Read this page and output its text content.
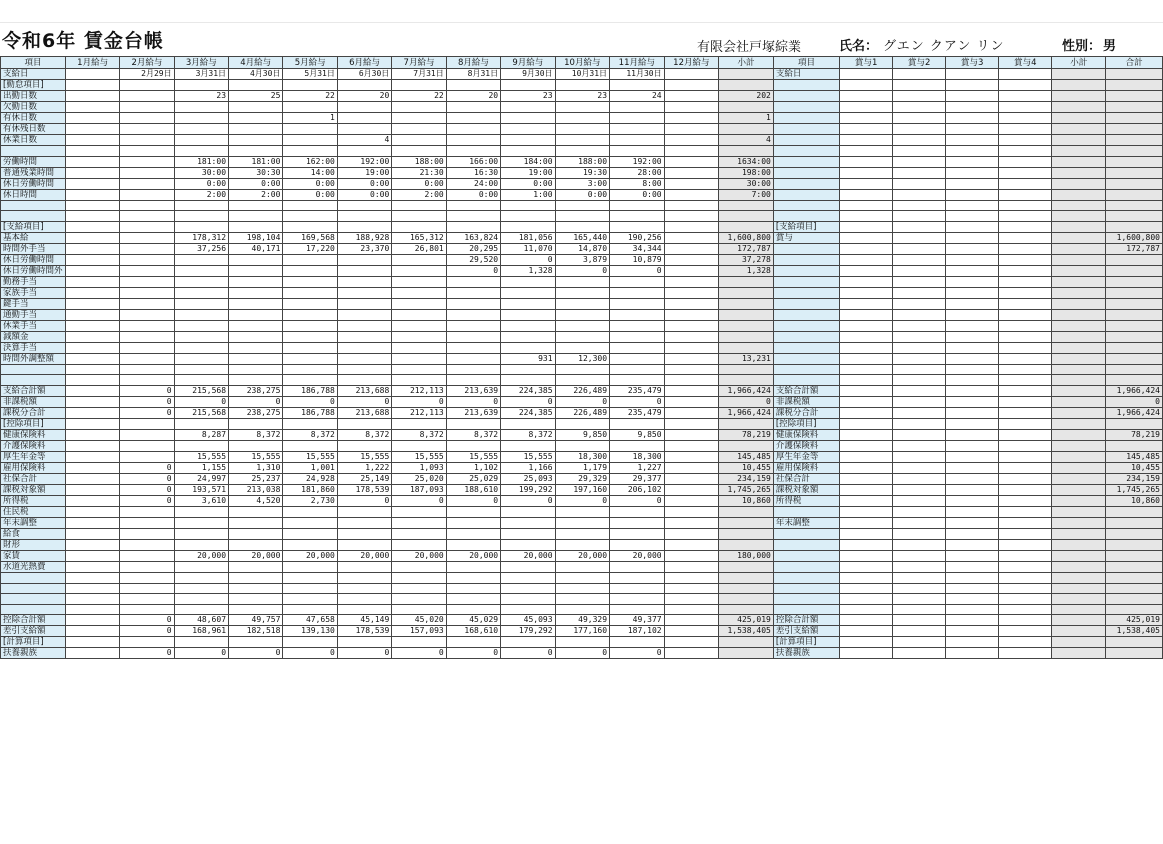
令和6年 賃金台帳	有限会社戸塚綜業	氏名： グエン クアン リン	性別： 男
項目	1月給与	2月給与	3月給与	4月給与	5月給与	6月給与	7月給与	8月給与	9月給与	10月給与	11月給与	12月給与	小計	項目	賞与1	賞与2	賞与3	賞与4	小計	合計
支給日		2月29日	3月31日	4月30日	5月31日	6月30日	7月31日	8月31日	9月30日	10月31日	11月30日			支給日						
[勤怠項目]																				
出勤日数			23	25	22	20	22	20	23	23	24		202							
欠勤日数																				
有休日数					1								1							
有休残日数																				
休業日数						4							4							

労働時間			181:00	181:00	162:00	192:00	188:00	166:00	184:00	188:00	192:00		1634:00							
普通残業時間			30:00	30:30	14:00	19:00	21:30	16:30	19:00	19:30	28:00		198:00							
休日労働時間			0:00	0:00	0:00	0:00	0:00	24:00	0:00	3:00	8:00		30:00							
休日時間			2:00	2:00	0:00	0:00	2:00	0:00	1:00	0:00	0:00		7:00							

[支給項目]														[支給項目]						
基本給			178,312	198,104	169,568	188,928	165,312	163,824	181,056	165,440	190,256		1,600,800	賞与						1,600,800
時間外手当			37,256	40,171	17,220	23,370	26,801	20,295	11,070	14,870	34,344		172,787							172,787
休日労働時間								29,520	0	3,879	10,879		37,278							
休日労働時間外								0	1,328	0	0		1,328							
勤務手当																				
家族手当																				
鍵手当																				
通勤手当																				
休業手当																				
減額金																				
決算手当																				
時間外調整額									931	12,300			13,231							

支給合計額		0	215,568	238,275	186,788	213,688	212,113	213,639	224,385	226,489	235,479		1,966,424	支給合計額						1,966,424
非課税額		0	0	0	0	0	0	0	0	0	0		0	非課税額						0
課税分合計		0	215,568	238,275	186,788	213,688	212,113	213,639	224,385	226,489	235,479		1,966,424	課税分合計						1,966,424
[控除項目]														[控除項目]						
健康保険料			8,287	8,372	8,372	8,372	8,372	8,372	8,372	9,850	9,850		78,219	健康保険料						78,219
介護保険料														介護保険料						
厚生年金等			15,555	15,555	15,555	15,555	15,555	15,555	15,555	18,300	18,300		145,485	厚生年金等						145,485
雇用保険料		0	1,155	1,310	1,001	1,222	1,093	1,102	1,166	1,179	1,227		10,455	雇用保険料						10,455
社保合計		0	24,997	25,237	24,928	25,149	25,020	25,029	25,093	29,329	29,377		234,159	社保合計						234,159
課税対象額		0	193,571	213,038	181,860	178,539	187,093	188,610	199,292	197,160	206,102		1,745,265	課税対象額						1,745,265
所得税		0	3,610	4,520	2,730	0	0	0	0	0	0		10,860	所得税						10,860
住民税																				
年末調整														年末調整						
給食																				
財形																				
家賃			20,000	20,000	20,000	20,000	20,000	20,000	20,000	20,000	20,000		180,000							
水道光熱費																				

控除合計額		0	48,607	49,757	47,658	45,149	45,020	45,029	45,093	49,329	49,377		425,019	控除合計額						425,019
差引支給額		0	168,961	182,518	139,130	178,539	157,093	168,610	179,292	177,160	187,102		1,538,405	差引支給額						1,538,405
[計算項目]														[計算項目]						
扶養親族		0	0	0	0	0	0	0	0	0	0			扶養親族						
